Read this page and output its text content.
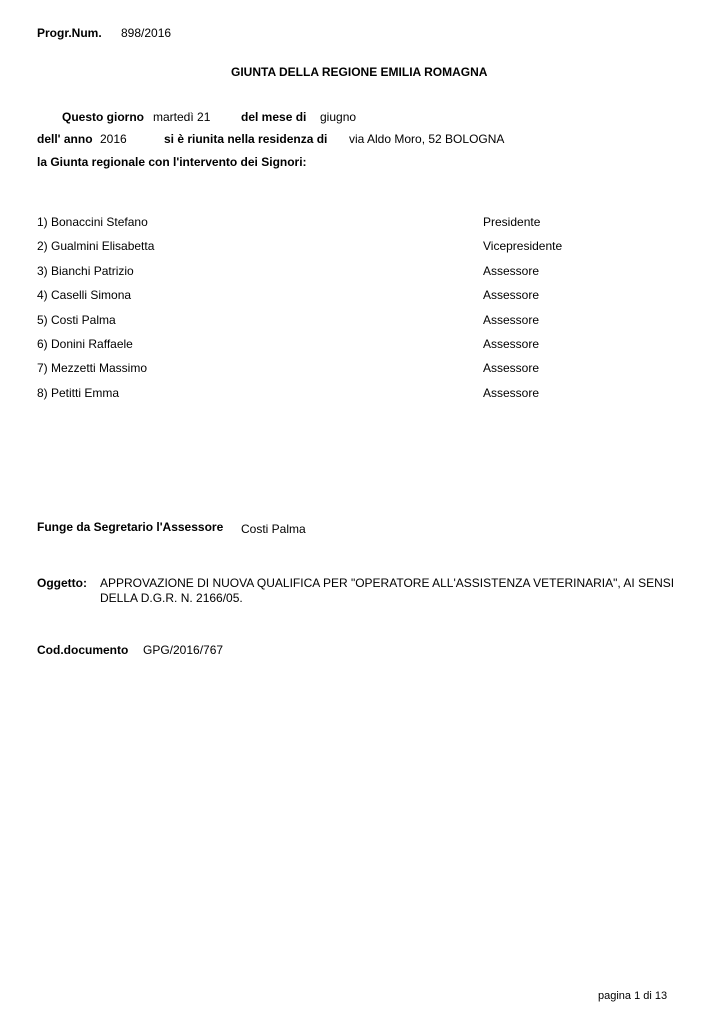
Progr.Num. 898/2016
GIUNTA DELLA REGIONE EMILIA ROMAGNA
Questo giorno martedì 21	del mese di giugno
dell' anno 2016	si è riunita nella residenza di via Aldo Moro, 52 BOLOGNA
la Giunta regionale con l'intervento dei Signori:
1) Bonaccini Stefano	Presidente
2) Gualmini Elisabetta	Vicepresidente
3) Bianchi Patrizio	Assessore
4) Caselli Simona	Assessore
5) Costi Palma	Assessore
6) Donini Raffaele	Assessore
7) Mezzetti Massimo	Assessore
8) Petitti Emma	Assessore
Funge da Segretario l'Assessore Costi Palma
Oggetto: APPROVAZIONE DI NUOVA QUALIFICA PER "OPERATORE ALL'ASSISTENZA VETERINARIA", AI SENSI DELLA D.G.R. N. 2166/05.
Cod.documento GPG/2016/767
pagina 1 di 13
